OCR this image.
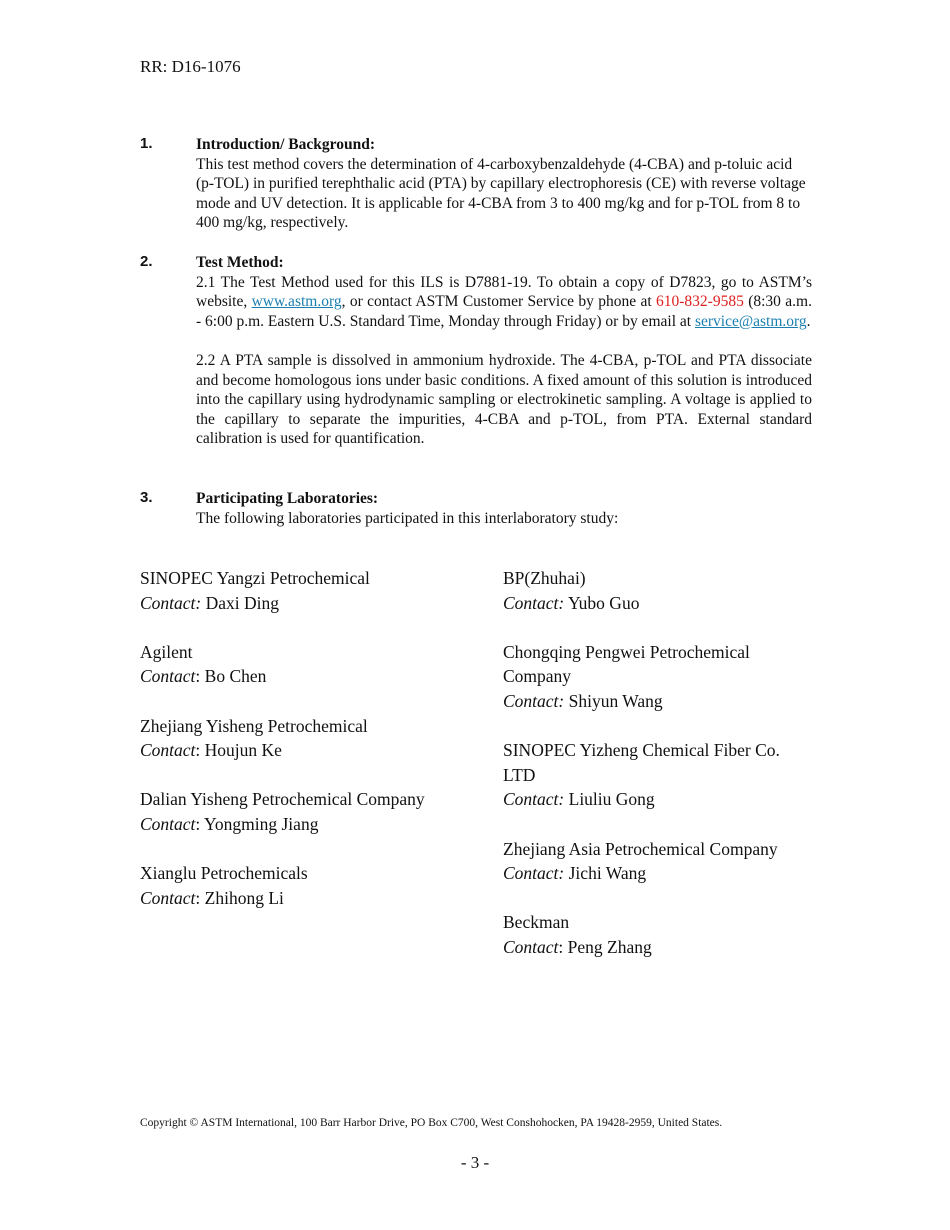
RR: D16-1076
1.	Introduction/ Background:
This test method covers the determination of 4-carboxybenzaldehyde (4-CBA) and p-toluic acid (p-TOL) in purified terephthalic acid (PTA) by capillary electrophoresis (CE) with reverse voltage mode and UV detection. It is applicable for 4-CBA from 3 to 400 mg/kg and for p-TOL from 8 to 400 mg/kg, respectively.
2.	Test Method:
2.1 The Test Method used for this ILS is D7881-19. To obtain a copy of D7823, go to ASTM’s website, www.astm.org, or contact ASTM Customer Service by phone at 610-832-9585 (8:30 a.m. - 6:00 p.m. Eastern U.S. Standard Time, Monday through Friday) or by email at service@astm.org.
2.2 A PTA sample is dissolved in ammonium hydroxide. The 4-CBA, p-TOL and PTA dissociate and become homologous ions under basic conditions. A fixed amount of this solution is introduced into the capillary using hydrodynamic sampling or electrokinetic sampling. A voltage is applied to the capillary to separate the impurities, 4-CBA and p-TOL, from PTA. External standard calibration is used for quantification.
3.	Participating Laboratories:
The following laboratories participated in this interlaboratory study:
SINOPEC Yangzi Petrochemical
Contact: Daxi Ding
Agilent
Contact: Bo Chen
Zhejiang Yisheng Petrochemical
Contact: Houjun Ke
Dalian Yisheng Petrochemical Company
Contact: Yongming Jiang
Xianglu Petrochemicals
Contact: Zhihong Li
BP(Zhuhai)
Contact: Yubo Guo
Chongqing Pengwei Petrochemical Company
Contact: Shiyun Wang
SINOPEC Yizheng Chemical Fiber Co. LTD
Contact: Liuliu Gong
Zhejiang Asia Petrochemical Company
Contact: Jichi Wang
Beckman
Contact: Peng Zhang
Copyright © ASTM International, 100 Barr Harbor Drive, PO Box C700, West Conshohocken, PA 19428-2959, United States.
- 3 -
